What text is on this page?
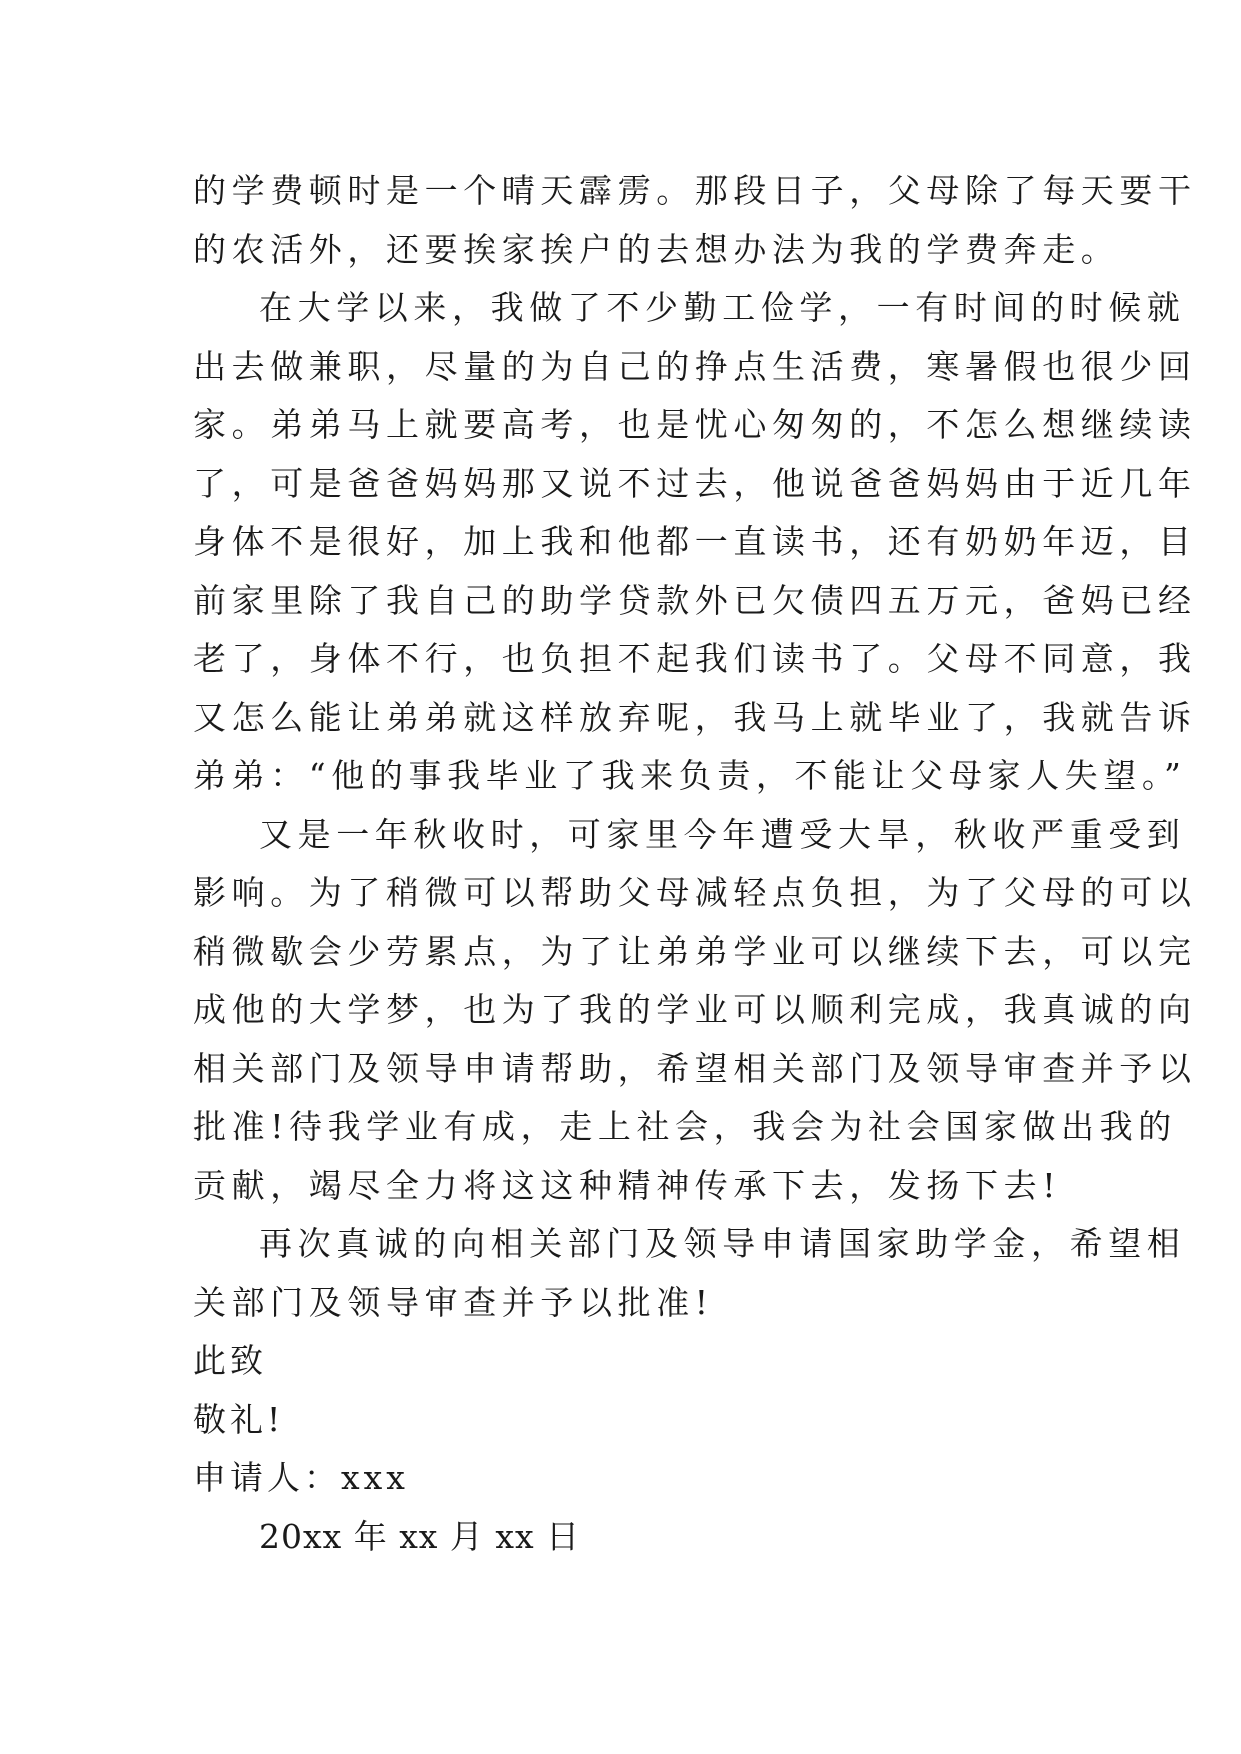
的学费顿时是一个晴天霹雳。那段日子，父母除了每天要干
的农活外，还要挨家挨户的去想办法为我的学费奔走。
在大学以来，我做了不少勤工俭学，一有时间的时候就
出去做兼职，尽量的为自己的挣点生活费，寒暑假也很少回
家。弟弟马上就要高考，也是忧心匆匆的，不怎么想继续读
了，可是爸爸妈妈那又说不过去，他说爸爸妈妈由于近几年
身体不是很好，加上我和他都一直读书，还有奶奶年迈，目
前家里除了我自己的助学贷款外已欠债四五万元，爸妈已经
老了，身体不行，也负担不起我们读书了。父母不同意，我
又怎么能让弟弟就这样放弃呢，我马上就毕业了，我就告诉
弟弟：“他的事我毕业了我来负责，不能让父母家人失望。”
又是一年秋收时，可家里今年遭受大旱，秋收严重受到
影响。为了稍微可以帮助父母减轻点负担，为了父母的可以
稍微歇会少劳累点，为了让弟弟学业可以继续下去，可以完
成他的大学梦，也为了我的学业可以顺利完成，我真诚的向
相关部门及领导申请帮助，希望相关部门及领导审查并予以
批准!待我学业有成，走上社会，我会为社会国家做出我的
贡献，竭尽全力将这这种精神传承下去，发扬下去!
再次真诚的向相关部门及领导申请国家助学金，希望相
关部门及领导审查并予以批准!
此致
敬礼!
申请人：xxx
20xx 年 xx 月 xx 日
